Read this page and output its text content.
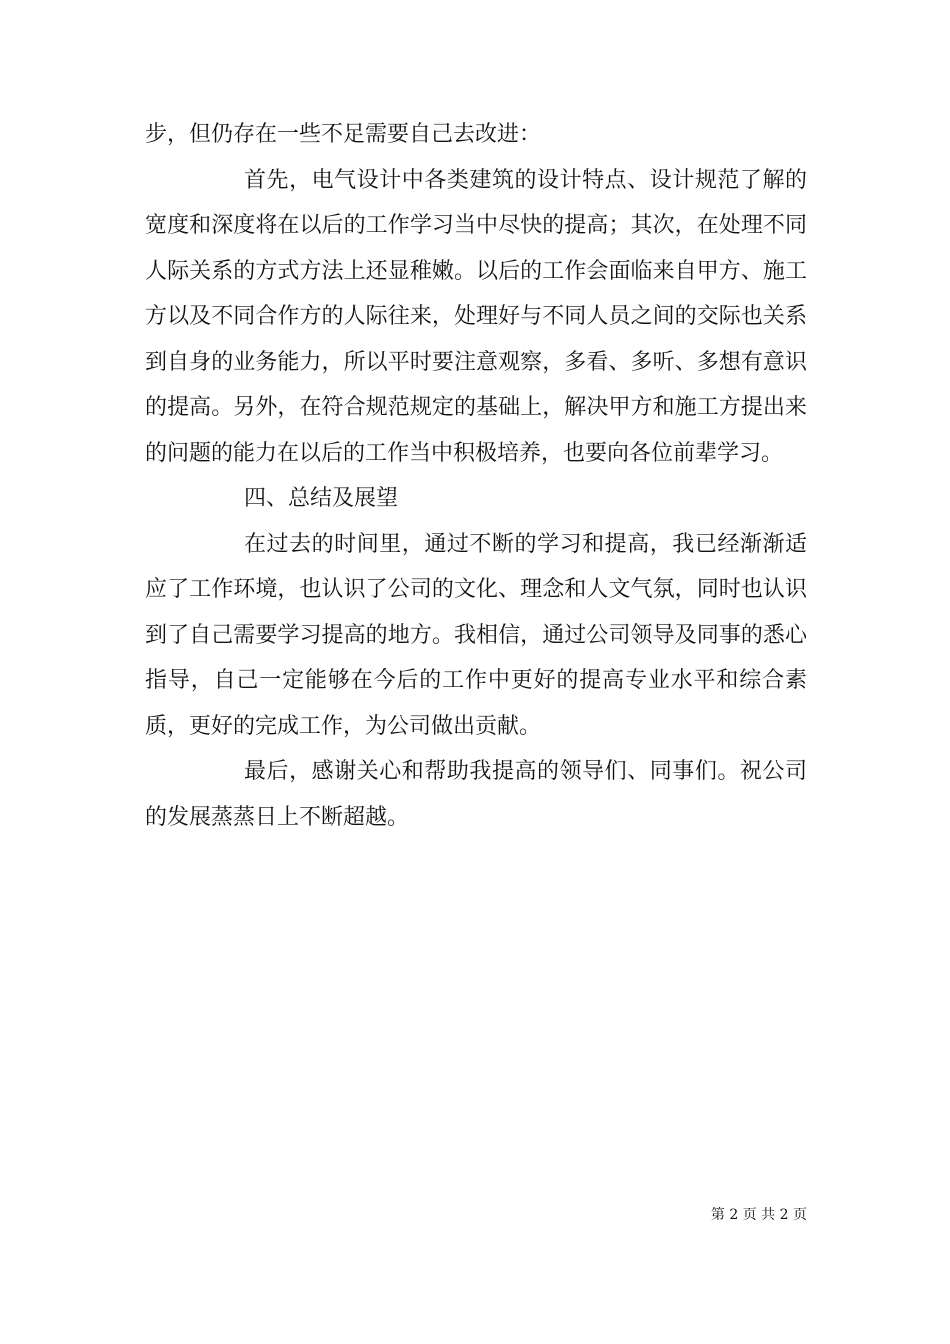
步，但仍存在一些不足需要自己去改进：

首先，电气设计中各类建筑的设计特点、设计规范了解的宽度和深度将在以后的工作学习当中尽快的提高；其次，在处理不同人际关系的方式方法上还显稚嫩。以后的工作会面临来自甲方、施工方以及不同合作方的人际往来，处理好与不同人员之间的交际也关系到自身的业务能力，所以平时要注意观察，多看、多听、多想有意识的提高。另外，在符合规范规定的基础上，解决甲方和施工方提出来的问题的能力在以后的工作当中积极培养，也要向各位前辈学习。

四、总结及展望

在过去的时间里，通过不断的学习和提高，我已经渐渐适应了工作环境，也认识了公司的文化、理念和人文气氛，同时也认识到了自己需要学习提高的地方。我相信，通过公司领导及同事的悉心指导，自己一定能够在今后的工作中更好的提高专业水平和综合素质，更好的完成工作，为公司做出贡献。

最后，感谢关心和帮助我提高的领导们、同事们。祝公司的发展蒸蒸日上不断超越。

第 2 页 共 2 页
